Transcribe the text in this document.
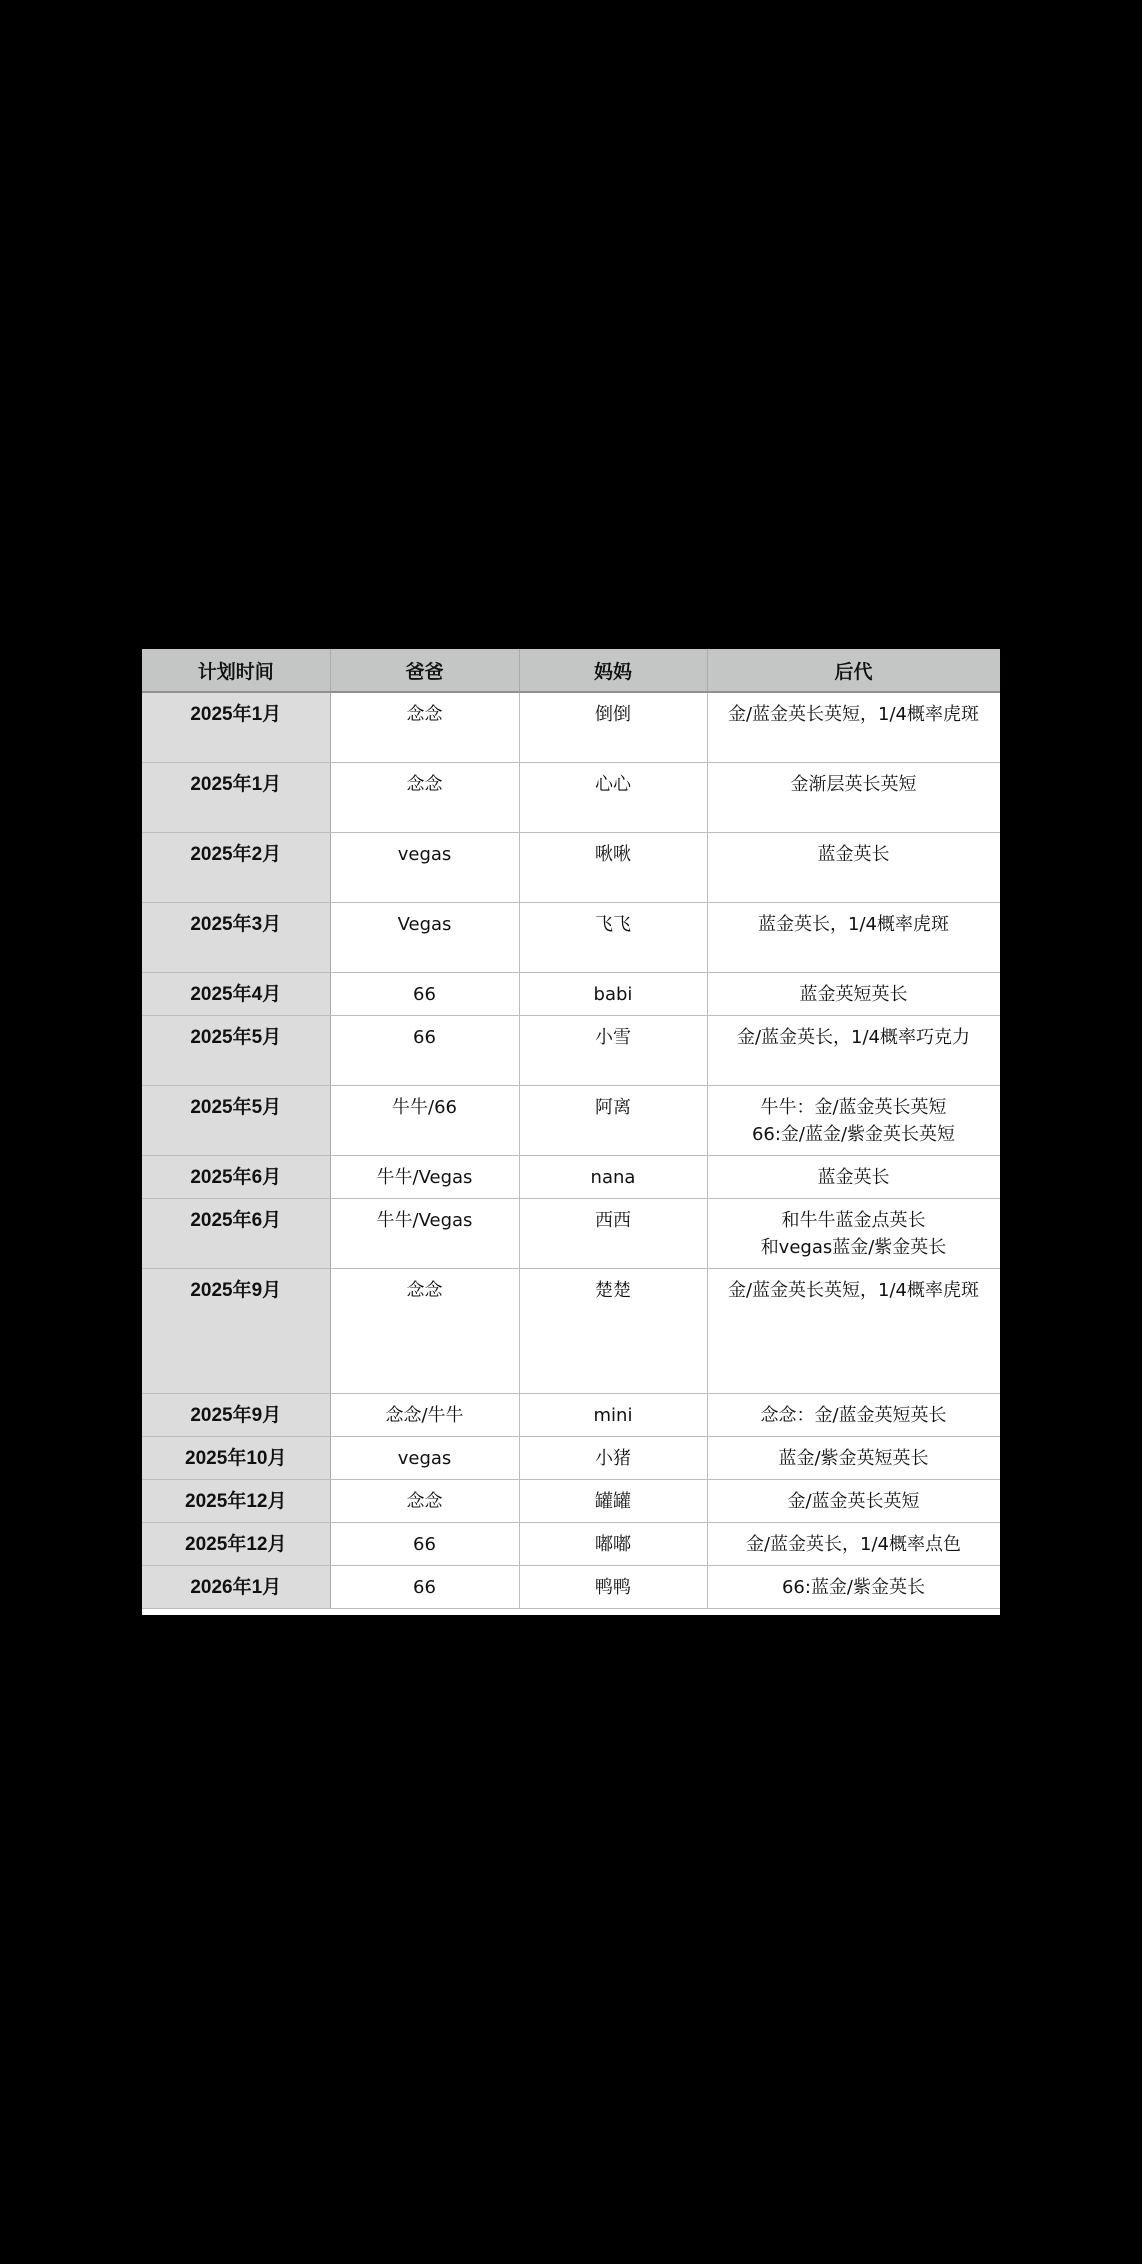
计划时间	爸爸	妈妈	后代
2025年1月	念念	倒倒	金/蓝金英长英短，1/4概率虎斑

2025年1月	念念	心心	金渐层英长英短

2025年2月	vegas	啾啾	蓝金英长

2025年3月	Vegas	飞飞	蓝金英长，1/4概率虎斑

2025年4月	66	babi	蓝金英短英长

2025年5月	66	小雪	金/蓝金英长，1/4概率巧克力

2025年5月	牛牛/66	阿离	牛牛：金/蓝金英长英短
66:金/蓝金/紫金英长英短

2025年6月	牛牛/Vegas	nana	蓝金英长

2025年6月	牛牛/Vegas	西西	和牛牛蓝金点英长
和vegas蓝金/紫金英长

2025年9月	念念	楚楚	金/蓝金英长英短，1/4概率虎斑

2025年9月	念念/牛牛	mini	念念：金/蓝金英短英长

2025年10月	vegas	小猪	蓝金/紫金英短英长

2025年12月	念念	罐罐	金/蓝金英长英短

2025年12月	66	嘟嘟	金/蓝金英长，1/4概率点色

2026年1月	66	鸭鸭	66:蓝金/紫金英长
